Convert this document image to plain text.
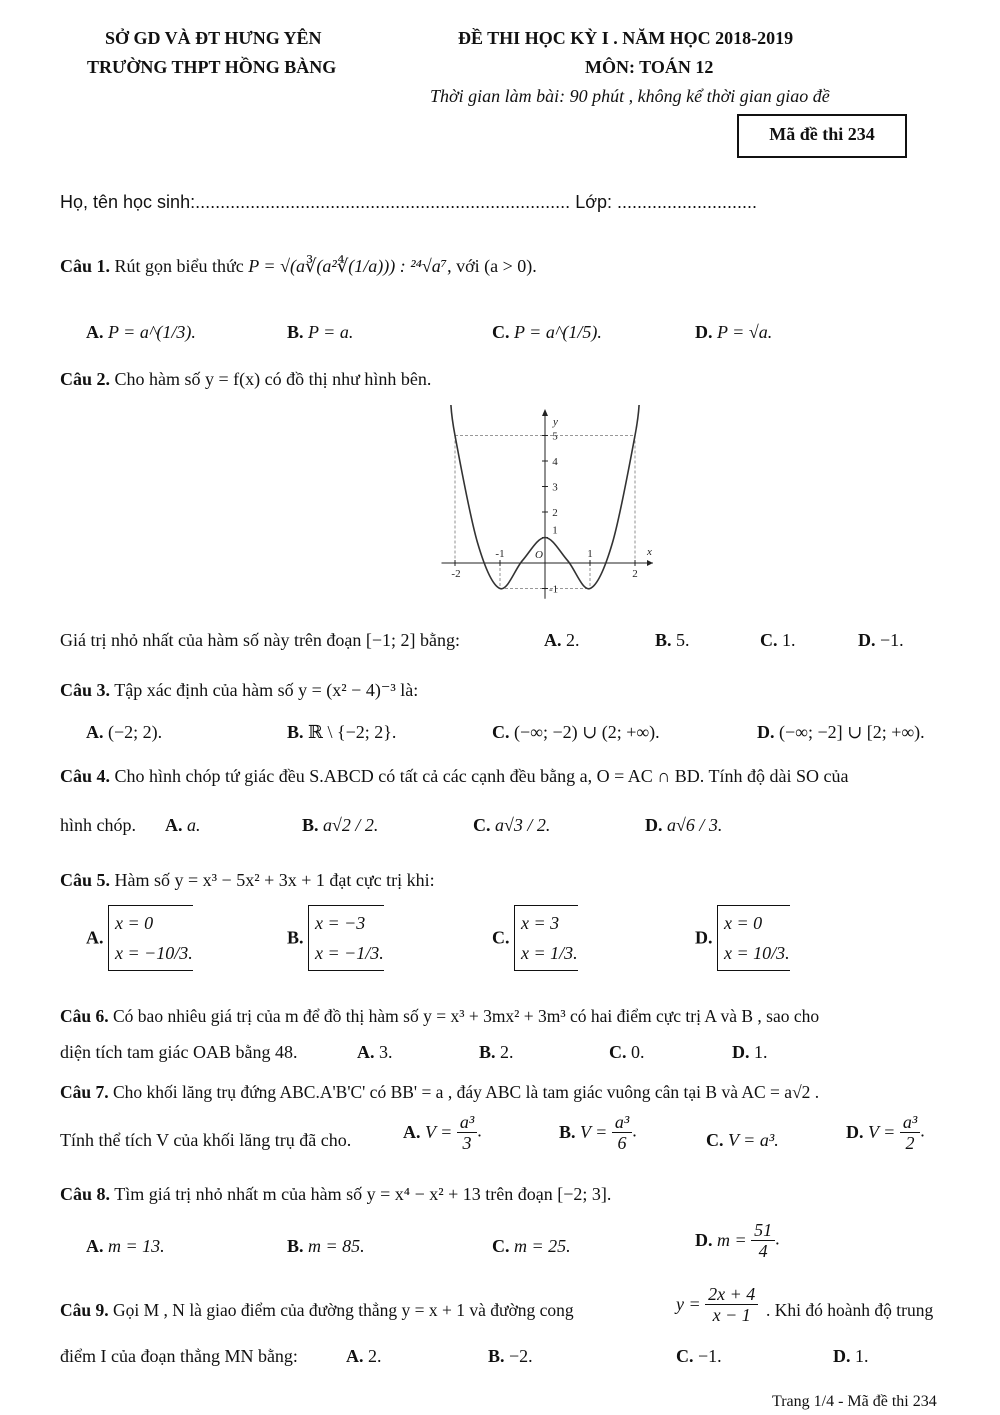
SỞ GD VÀ ĐT HƯNG YÊN
TRƯỜNG THPT HỒNG BÀNG
ĐỀ THI HỌC KỲ I . NĂM HỌC 2018-2019
MÔN: TOÁN 12
Thời gian làm bài: 90 phút , không kể thời gian giao đề
Mã đề thi 234
Họ, tên học sinh:........................................................................... Lớp: ............................
Câu 1. Rút gọn biểu thức P = √(a∛(a²∜(1/a))) : ²⁴√a⁷, với (a > 0).
A. P = a^(1/3).	B. P = a.	C. P = a^(1/5).	D. P = √a.
Câu 2. Cho hàm số y = f(x) có đồ thị như hình bên.
-2
-1	1
2
-1
1
2
3
4
5
O	x
y
Giá trị nhỏ nhất của hàm số này trên đoạn [−1; 2] bằng:	A. 2.	B. 5.	C. 1.	D. −1.
Câu 3. Tập xác định của hàm số y = (x² − 4)⁻³ là:
A. (−2; 2).	B. ℝ \ {−2; 2}.	C. (−∞; −2) ∪ (2; +∞).	D. (−∞; −2] ∪ [2; +∞).
Câu 4. Cho hình chóp tứ giác đều S.ABCD có tất cả các cạnh đều bằng a, O = AC ∩ BD. Tính độ dài SO của
hình chóp. A. a.	B. a√2 / 2.	C. a√3 / 2.	D. a√6 / 3.
Câu 5. Hàm số y = x³ − 5x² + 3x + 1 đạt cực trị khi:
A.
x = 0
x = −10/3.
B.
x = −3
x = −1/3.
C.
x = 3
x = 1/3.
D.
x = 0
x = 10/3.
Câu 6. Có bao nhiêu giá trị của m để đồ thị hàm số y = x³ + 3mx² + 3m³ có hai điểm cực trị A và B , sao cho
diện tích tam giác OAB bằng 48.	A. 3.	B. 2.	C. 0.	D. 1.
Câu 7. Cho khối lăng trụ đứng ABC.A'B'C' có BB' = a , đáy ABC là tam giác vuông cân tại B và AC = a√2 .
Tính thể tích V của khối lăng trụ đã cho.	A. $V = \frac{\text{a³}}{3}$ .	B. $V = \frac{\text{a³}}{6}$ .	C. V = a³.	D. $V = \frac{\text{a³}}{2}$ .
Câu 8. Tìm giá trị nhỏ nhất m của hàm số y = x⁴ − x² + 13 trên đoạn [−2; 3].
A. m = 13.	B. m = 85.	C. m = 25.	D. $m = \frac{51}{4}$ .
Câu 9. Gọi M , N là giao điểm của đường thẳng y = x + 1 và đường cong	$y = \frac{2x + 4}{x - 1}$ . Khi đó hoành độ trung
điểm I của đoạn thẳng MN bằng:	A. 2.	B. −2.	C. −1.	D. 1.
Trang 1/4 - Mã đề thi 234
